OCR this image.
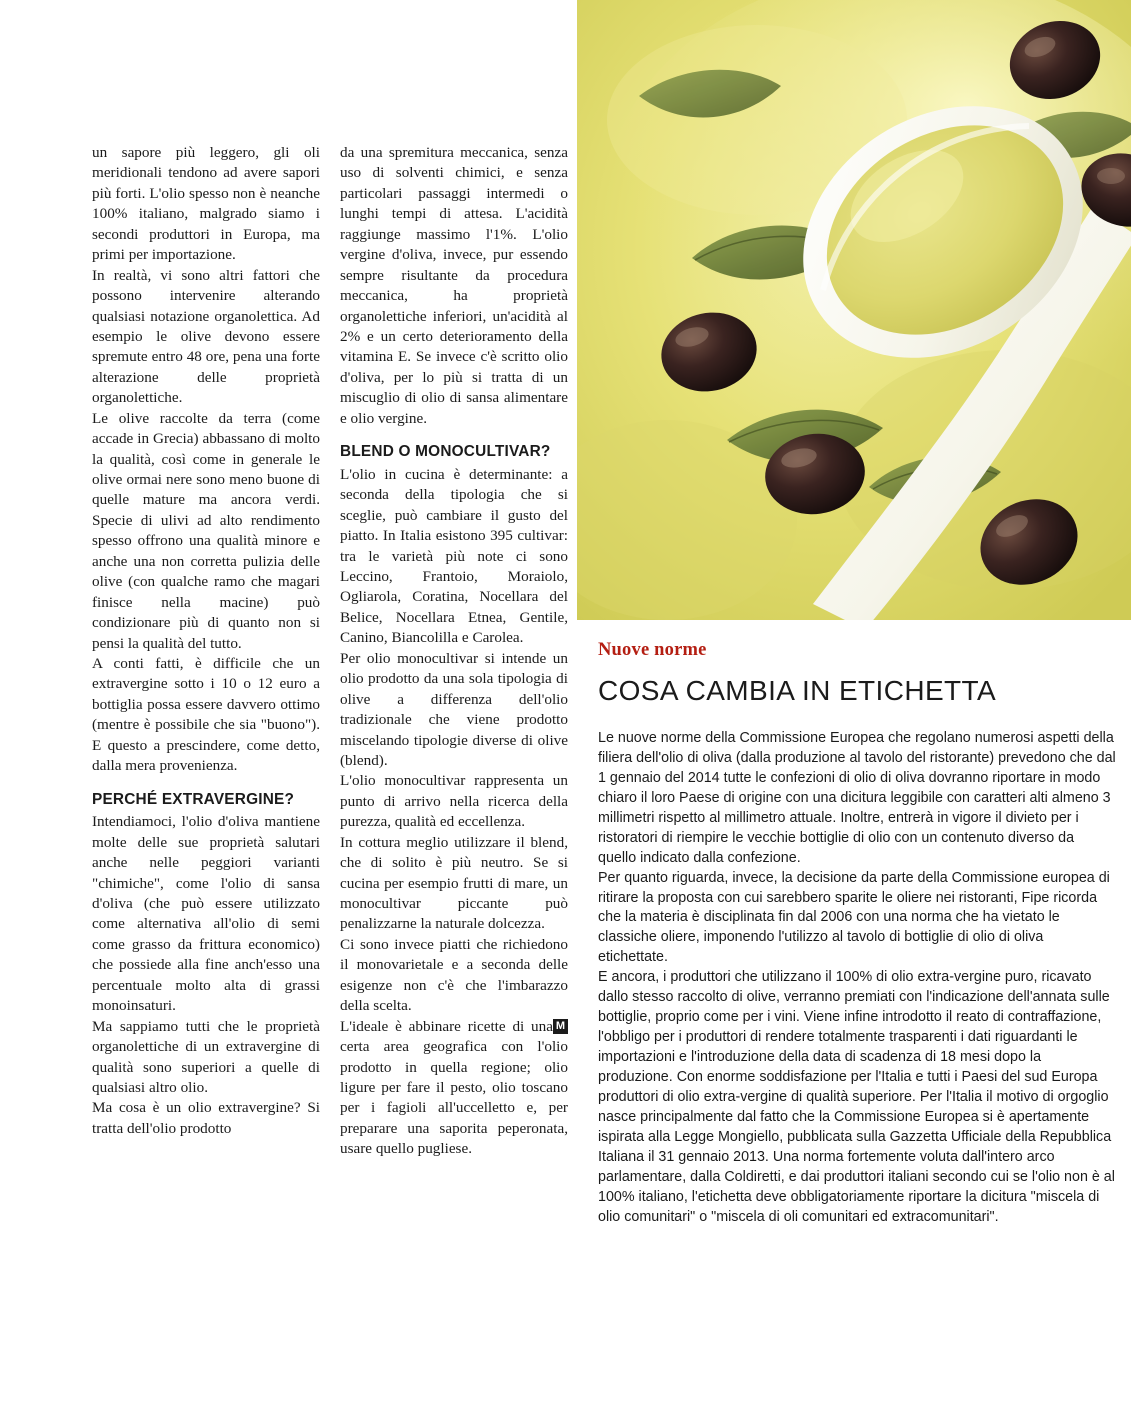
un sapore più leggero, gli oli meridionali tendono ad avere sapori più forti. L'olio spesso non è neanche 100% italiano, malgrado siamo i secondi produttori in Europa, ma primi per importazione.

In realtà, vi sono altri fattori che possono intervenire alterando qualsiasi notazione organolettica. Ad esempio le olive devono essere spremute entro 48 ore, pena una forte alterazione delle proprietà organolettiche.

Le olive raccolte da terra (come accade in Grecia) abbassano di molto la qualità, così come in generale le olive ormai nere sono meno buone di quelle mature ma ancora verdi. Specie di ulivi ad alto rendimento spesso offrono una qualità minore e anche una non corretta pulizia delle olive (con qualche ramo che magari finisce nella macine) può condizionare più di quanto non si pensi la qualità del tutto.

A conti fatti, è difficile che un extravergine sotto i 10 o 12 euro a bottiglia possa essere davvero ottimo (mentre è possibile che sia "buono"). E questo a prescindere, come detto, dalla mera provenienza.

PERCHÉ EXTRAVERGINE?

Intendiamoci, l'olio d'oliva mantiene molte delle sue proprietà salutari anche nelle peggiori varianti "chimiche", come l'olio di sansa d'oliva (che può essere utilizzato come alternativa all'olio di semi come grasso da frittura economico) che possiede alla fine anch'esso una percentuale molto alta di grassi monoinsaturi.

Ma sappiamo tutti che le proprietà organolettiche di un extravergine di qualità sono superiori a quelle di qualsiasi altro olio.

Ma cosa è un olio extravergine? Si tratta dell'olio prodotto

da una spremitura meccanica, senza uso di solventi chimici, e senza particolari passaggi intermedi o lunghi tempi di attesa. L'acidità raggiunge massimo l'1%. L'olio vergine d'oliva, invece, pur essendo sempre risultante da procedura meccanica, ha proprietà organolettiche inferiori, un'acidità al 2% e un certo deterioramento della vitamina E. Se invece c'è scritto olio d'oliva, per lo più si tratta di un miscuglio di olio di sansa alimentare e olio vergine.

BLEND O MONOCULTIVAR?

L'olio in cucina è determinante: a seconda della tipologia che si sceglie, può cambiare il gusto del piatto. In Italia esistono 395 cultivar: tra le varietà più note ci sono Leccino, Frantoio, Moraiolo, Ogliarola, Coratina, Nocellara del Belice, Nocellara Etnea, Gentile, Canino, Biancolilla e Carolea.

Per olio monocultivar si intende un olio prodotto da una sola tipologia di olive a differenza dell'olio tradizionale che viene prodotto miscelando tipologie diverse di olive (blend).

L'olio monocultivar rappresenta un punto di arrivo nella ricerca della purezza, qualità ed eccellenza.

In cottura meglio utilizzare il blend, che di solito è più neutro. Se si cucina per esempio frutti di mare, un monocultivar piccante può penalizzarne la naturale dolcezza.

Ci sono invece piatti che richiedono il monovarietale e a seconda delle esigenze non c'è che l'imbarazzo della scelta.

M
L'ideale è abbinare ricette di una certa area geografica con l'olio prodotto in quella regione; olio ligure per fare il pesto, olio toscano per i fagioli all'uccelletto e, per preparare una saporita peperonata, usare quello pugliese.

Nuove norme
COSA CAMBIA IN ETICHETTA

Le nuove norme della Commissione Europea che regolano numerosi aspetti della filiera dell'olio di oliva (dalla produzione al tavolo del ristorante) prevedono che dal 1 gennaio del 2014 tutte le confezioni di olio di oliva dovranno riportare in modo chiaro il loro Paese di origine con una dicitura leggibile con caratteri alti almeno 3 millimetri rispetto al millimetro attuale. Inoltre, entrerà in vigore il divieto per i ristoratori di riempire le vecchie bottiglie di olio con un contenuto diverso da quello indicato dalla confezione.

Per quanto riguarda, invece, la decisione da parte della Commissione europea di ritirare la proposta con cui sarebbero sparite le oliere nei ristoranti, Fipe ricorda che la materia è disciplinata fin dal 2006 con una norma che ha vietato le classiche oliere, imponendo l'utilizzo al tavolo di bottiglie di olio di oliva etichettate.

E ancora, i produttori che utilizzano il 100% di olio extra-vergine puro, ricavato dallo stesso raccolto di olive, verranno premiati con l'indicazione dell'annata sulle bottiglie, proprio come per i vini. Viene infine introdotto il reato di contraffazione, l'obbligo per i produttori di rendere totalmente trasparenti i dati riguardanti le importazioni e l'introduzione della data di scadenza di 18 mesi dopo la produzione. Con enorme soddisfazione per l'Italia e tutti i Paesi del sud Europa produttori di olio extra-vergine di qualità superiore. Per l'Italia il motivo di orgoglio nasce principalmente dal fatto che la Commissione Europea si è apertamente ispirata alla Legge Mongiello, pubblicata sulla Gazzetta Ufficiale della Repubblica Italiana il 31 gennaio 2013. Una norma fortemente voluta dall'intero arco parlamentare, dalla Coldiretti, e dai produttori italiani secondo cui se l'olio non è al 100% italiano, l'etichetta deve obbligatoriamente riportare la dicitura "miscela di olio comunitari" o "miscela di oli comunitari ed extracomunitari".
